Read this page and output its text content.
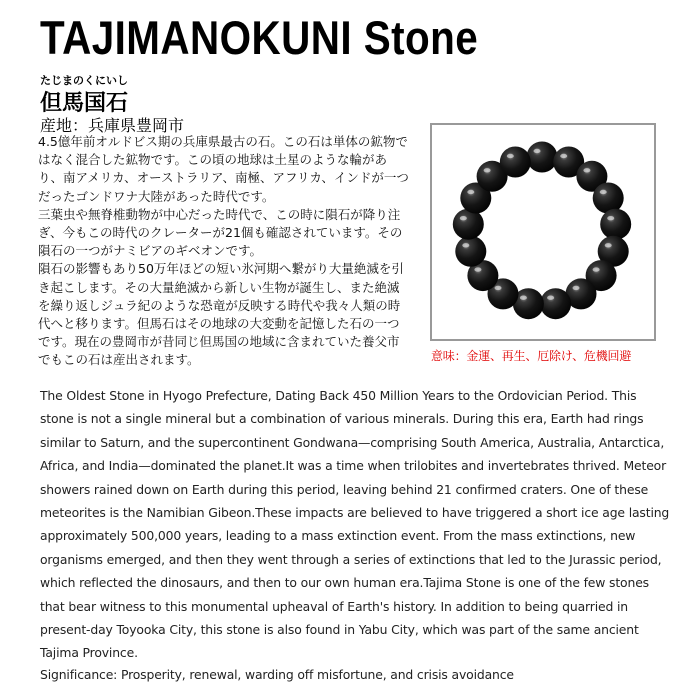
TAJIMANOKUNI Stone
たじまのくにいし
但馬国石
産地：兵庫県豊岡市

4.5億年前オルドビス期の兵庫県最古の石。この石は単体の鉱物ではなく混合した鉱物です。この頃の地球は土星のような輪があり、南アメリカ、オーストラリア、南極、アフリカ、インドが一つだったゴンドワナ大陸があった時代です。

三葉虫や無脊椎動物が中心だった時代で、この時に隕石が降り注ぎ、今もこの時代のクレーターが21個も確認されています。その隕石の一つがナミビアのギベオンです。

隕石の影響もあり50万年ほどの短い氷河期へ繋がり大量絶滅を引き起こします。その大量絶滅から新しい生物が誕生し、また絶滅を繰り返しジュラ紀のような恐竜が反映する時代や我々人類の時代へと移ります。但馬石はその地球の大変動を記憶した石の一つです。現在の豊岡市が昔同じ但馬国の地域に含まれていた養父市でもこの石は産出されます。	意味：金運、再生、厄除け、危機回避

The Oldest Stone in Hyogo Prefecture, Dating Back 450 Million Years to the Ordovician Period. This stone is not a single mineral but a combination of various minerals. During this era, Earth had rings similar to Saturn, and the supercontinent Gondwana—comprising South America, Australia, Antarctica, Africa, and India—dominated the planet.It was a time when trilobites and invertebrates thrived. Meteor showers rained down on Earth during this period, leaving behind 21 confirmed craters. One of these meteorites is the Namibian Gibeon.These impacts are believed to have triggered a short ice age lasting approximately 500,000 years, leading to a mass extinction event. From the mass extinctions, new organisms emerged, and then they went through a series of extinctions that led to the Jurassic period, which reflected the dinosaurs, and then to our own human era.Tajima Stone is one of the few stones that bear witness to this monumental upheaval of Earth's history. In addition to being quarried in present-day Toyooka City, this stone is also found in Yabu City, which was part of the same ancient Tajima Province.

Significance: Prosperity, renewal, warding off misfortune, and crisis avoidance
